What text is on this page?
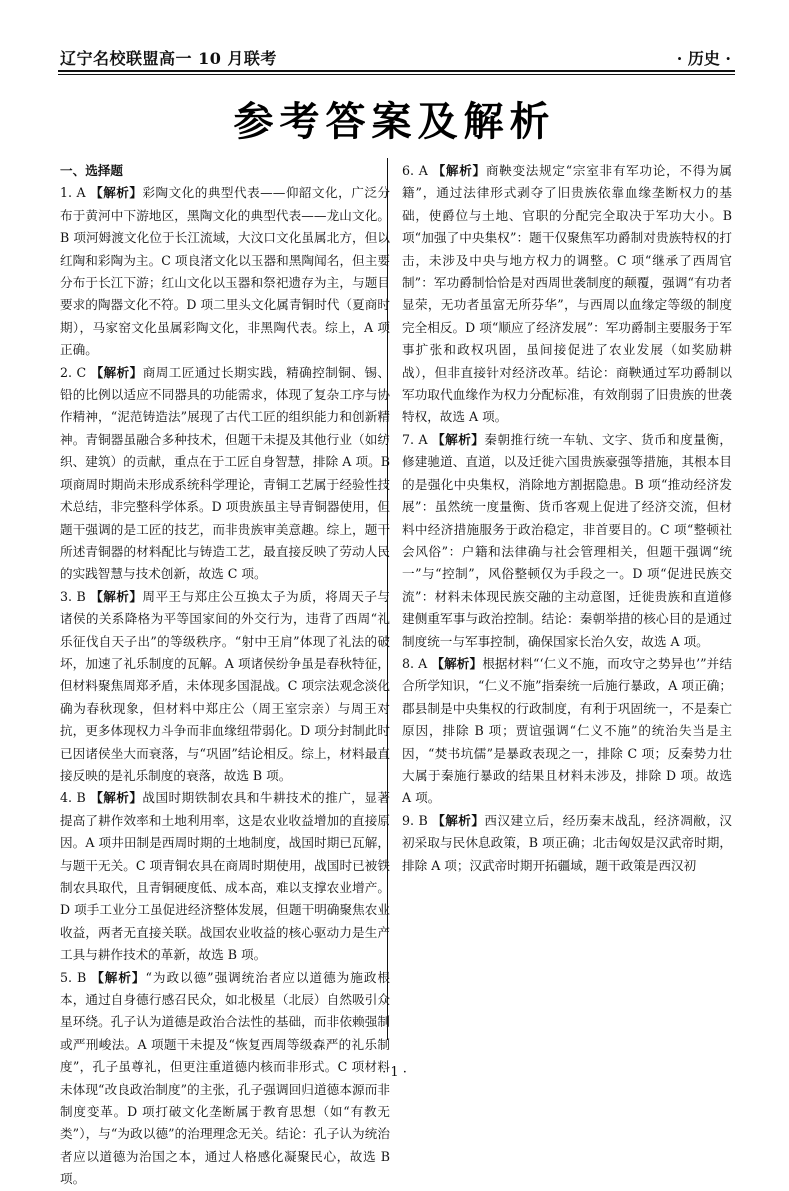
辽宁名校联盟高一 10 月联考	· 历史 ·
参考答案及解析

一、选择题

1. A 【解析】彩陶文化的典型代表——仰韶文化，广泛分布于黄河中下游地区，黑陶文化的典型代表——龙山文化。B 项河姆渡文化位于长江流域，大汶口文化虽属北方，但以红陶和彩陶为主。C 项良渚文化以玉器和黑陶闻名，但主要分布于长江下游；红山文化以玉器和祭祀遗存为主，与题目要求的陶器文化不符。D 项二里头文化属青铜时代（夏商时期），马家窑文化虽属彩陶文化，非黑陶代表。综上，A 项正确。

2. C 【解析】商周工匠通过长期实践，精确控制铜、锡、铅的比例以适应不同器具的功能需求，体现了复杂工序与协作精神，“泥范铸造法”展现了古代工匠的组织能力和创新精神。青铜器虽融合多种技术，但题干未提及其他行业（如纺织、建筑）的贡献，重点在于工匠自身智慧，排除 A 项。B 项商周时期尚未形成系统科学理论，青铜工艺属于经验性技术总结，非完整科学体系。D 项贵族虽主导青铜器使用，但题干强调的是工匠的技艺，而非贵族审美意趣。综上，题干所述青铜器的材料配比与铸造工艺，最直接反映了劳动人民的实践智慧与技术创新，故选 C 项。

3. B 【解析】周平王与郑庄公互换太子为质，将周天子与诸侯的关系降格为平等国家间的外交行为，违背了西周“礼乐征伐自天子出”的等级秩序。“射中王肩”体现了礼法的破坏，加速了礼乐制度的瓦解。A 项诸侯纷争虽是春秋特征，但材料聚焦周郑矛盾，未体现多国混战。C 项宗法观念淡化确为春秋现象，但材料中郑庄公（周王室宗亲）与周王对抗，更多体现权力斗争而非血缘纽带弱化。D 项分封制此时已因诸侯坐大而衰落，与“巩固”结论相反。综上，材料最直接反映的是礼乐制度的衰落，故选 B 项。

4. B 【解析】战国时期铁制农具和牛耕技术的推广，显著提高了耕作效率和土地利用率，这是农业收益增加的直接原因。A 项井田制是西周时期的土地制度，战国时期已瓦解，与题干无关。C 项青铜农具在商周时期使用，战国时已被铁制农具取代，且青铜硬度低、成本高，难以支撑农业增产。D 项手工业分工虽促进经济整体发展，但题干明确聚焦农业收益，两者无直接关联。战国农业收益的核心驱动力是生产工具与耕作技术的革新，故选 B 项。

5. B 【解析】“为政以德”强调统治者应以道德为施政根本，通过自身德行感召民众，如北极星（北辰）自然吸引众星环绕。孔子认为道德是政治合法性的基础，而非依赖强制或严刑峻法。A 项题干未提及“恢复西周等级森严的礼乐制度”，孔子虽尊礼，但更注重道德内核而非形式。C 项材料未体现“改良政治制度”的主张，孔子强调回归道德本源而非制度变革。D 项打破文化垄断属于教育思想（如“有教无类”），与“为政以德”的治理理念无关。结论：孔子认为统治者应以道德为治国之本，通过人格感化凝聚民心，故选 B 项。

6. A 【解析】商鞅变法规定“宗室非有军功论，不得为属籍”，通过法律形式剥夺了旧贵族依靠血缘垄断权力的基础，使爵位与土地、官职的分配完全取决于军功大小。B 项“加强了中央集权”：题干仅聚焦军功爵制对贵族特权的打击，未涉及中央与地方权力的调整。C 项“继承了西周官制”：军功爵制恰恰是对西周世袭制度的颠覆，强调“有功者显荣，无功者虽富无所芬华”，与西周以血缘定等级的制度完全相反。D 项“顺应了经济发展”：军功爵制主要服务于军事扩张和政权巩固，虽间接促进了农业发展（如奖励耕战），但非直接针对经济改革。结论：商鞅通过军功爵制以军功取代血缘作为权力分配标准，有效削弱了旧贵族的世袭特权，故选 A 项。

7. A 【解析】秦朝推行统一车轨、文字、货币和度量衡，修建驰道、直道，以及迁徙六国贵族豪强等措施，其根本目的是强化中央集权，消除地方割据隐患。B 项“推动经济发展”：虽然统一度量衡、货币客观上促进了经济交流，但材料中经济措施服务于政治稳定，非首要目的。C 项“整顿社会风俗”：户籍和法律确与社会管理相关，但题干强调“统一”与“控制”，风俗整顿仅为手段之一。D 项“促进民族交流”：材料未体现民族交融的主动意图，迁徙贵族和直道修建侧重军事与政治控制。结论：秦朝举措的核心目的是通过制度统一与军事控制，确保国家长治久安，故选 A 项。

8. A 【解析】根据材料“‘仁义不施，而攻守之势异也’”并结合所学知识，“仁义不施”指秦统一后施行暴政，A 项正确；郡县制是中央集权的行政制度，有利于巩固统一，不是秦亡原因，排除 B 项；贾谊强调“仁义不施”的统治失当是主因，“焚书坑儒”是暴政表现之一，排除 C 项；反秦势力壮大属于秦施行暴政的结果且材料未涉及，排除 D 项。故选 A 项。

9. B 【解析】西汉建立后，经历秦末战乱，经济凋敝，汉初采取与民休息政策，B 项正确；北击匈奴是汉武帝时期，排除 A 项；汉武帝时期开拓疆域，题干政策是西汉初

· 1 ·
